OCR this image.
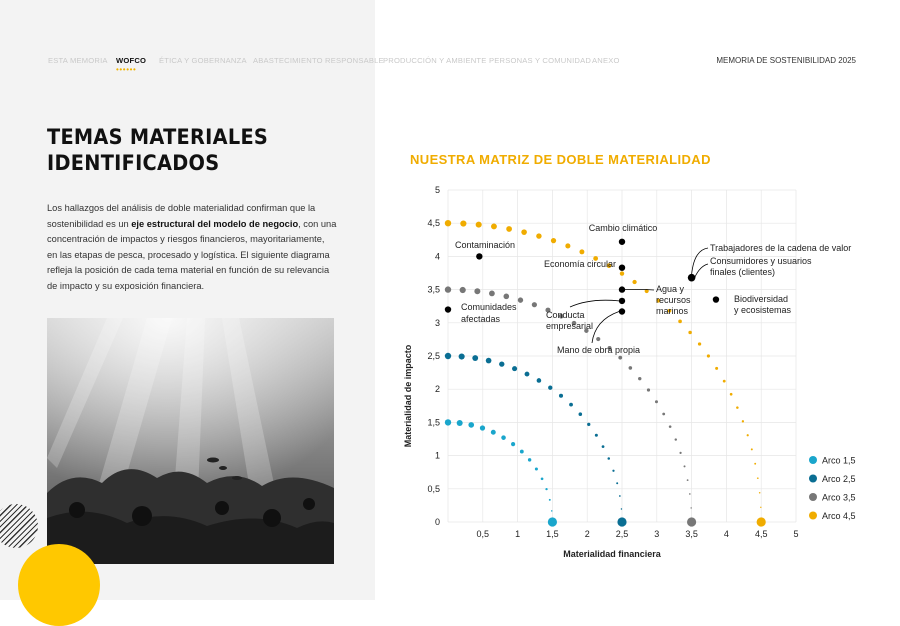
ESTA MEMORIA WOFCO
••••••
ÉTICA Y GOBERNANZA ABASTECIMIENTO RESPONSABLE PRODUCCIÓN Y AMBIENTE PERSONAS Y COMUNIDAD ANEXO	MEMORIA DE SOSTENIBILIDAD 2025
TEMAS MATERIALES
IDENTIFICADOS

Los hallazgos del análisis de doble materialidad confirman que la sostenibilidad es un eje estructural del modelo de negocio, con una concentración de impactos y riesgos financieros, mayoritariamente, en las etapas de pesca, procesado y logística. El siguiente diagrama refleja la posición de cada tema material en función de su relevancia de impacto y su exposición financiera.

NUESTRA MATRIZ DE DOBLE MATERIALIDAD
0
0,5
1
1,5
2
2,5
3
3,5
4
4,5
5
0,5	1	1,5	2	2,5	3	3,5	4	4,5	5
Materialidad financiera
Materialidad de impacto
Contaminación
Comunidades
afectadas
Cambio climático
Economía circular
Agua y
recursos
marinos
Conducta
empresarial
Mano de obra propia
Trabajadores de la cadena de valor
Consumidores y usuarios
finales (clientes)
Biodiversidad
y ecosistemas
Arco 1,5
Arco 2,5
Arco 3,5
Arco 4,5
